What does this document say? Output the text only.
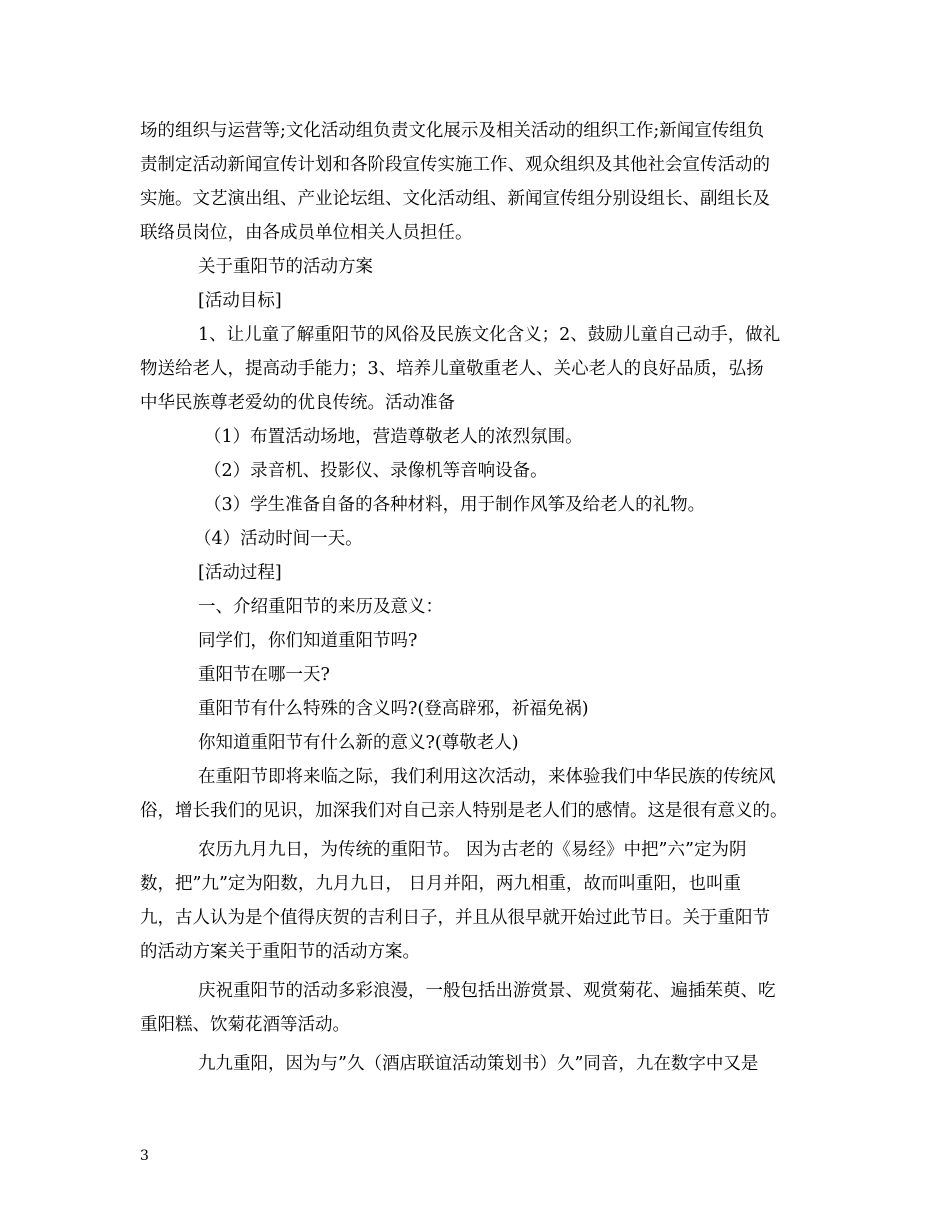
场的组织与运营等;文化活动组负责文化展示及相关活动的组织工作;新闻宣传组负
责制定活动新闻宣传计划和各阶段宣传实施工作、观众组织及其他社会宣传活动的
实施。文艺演出组、产业论坛组、文化活动组、新闻宣传组分别设组长、副组长及
联络员岗位，由各成员单位相关人员担任。
关于重阳节的活动方案
[活动目标]
1、让儿童了解重阳节的风俗及民族文化含义；2、鼓励儿童自己动手，做礼
物送给老人，提高动手能力；3、培养儿童敬重老人、关心老人的良好品质，弘扬
中华民族尊老爱幼的优良传统。活动准备
（1）布置活动场地，营造尊敬老人的浓烈氛围。
（2）录音机、投影仪、录像机等音响设备。
（3）学生准备自备的各种材料，用于制作风筝及给老人的礼物。
（4）活动时间一天。
[活动过程]
一、介绍重阳节的来历及意义：
同学们，你们知道重阳节吗?
重阳节在哪一天?
重阳节有什么特殊的含义吗?(登高辟邪，祈福免祸)
你知道重阳节有什么新的意义?(尊敬老人)
在重阳节即将来临之际，我们利用这次活动，来体验我们中华民族的传统风
俗，增长我们的见识，加深我们对自己亲人特别是老人们的感情。这是很有意义的。
农历九月九日，为传统的重阳节。 因为古老的《易经》中把”六”定为阴
数，把”九”定为阳数，九月九日， 日月并阳，两九相重，故而叫重阳，也叫重
九，古人认为是个值得庆贺的吉利日子，并且从很早就开始过此节日。关于重阳节
的活动方案关于重阳节的活动方案。
庆祝重阳节的活动多彩浪漫，一般包括出游赏景、观赏菊花、遍插茱萸、吃
重阳糕、饮菊花酒等活动。
九九重阳，因为与”久（酒店联谊活动策划书）久”同音，九在数字中又是
3
